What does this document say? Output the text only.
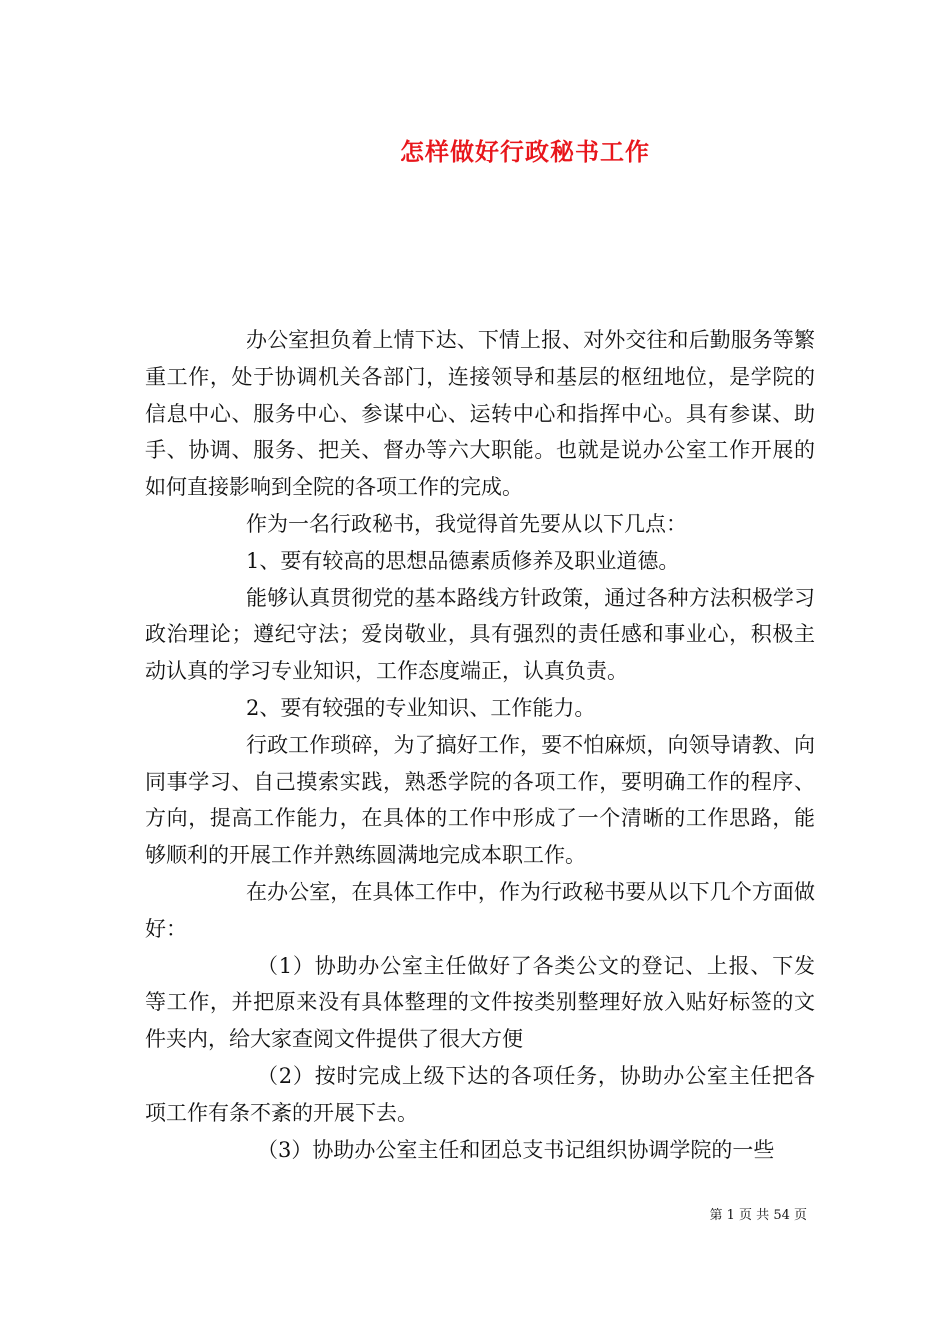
怎样做好行政秘书工作

办公室担负着上情下达、下情上报、对外交往和后勤服务等繁重工作，处于协调机关各部门，连接领导和基层的枢纽地位，是学院的信息中心、服务中心、参谋中心、运转中心和指挥中心。具有参谋、助手、协调、服务、把关、督办等六大职能。也就是说办公室工作开展的如何直接影响到全院的各项工作的完成。

作为一名行政秘书，我觉得首先要从以下几点：

1、要有较高的思想品德素质修养及职业道德。

能够认真贯彻党的基本路线方针政策，通过各种方法积极学习政治理论；遵纪守法；爱岗敬业，具有强烈的责任感和事业心，积极主动认真的学习专业知识，工作态度端正，认真负责。

2、要有较强的专业知识、工作能力。

行政工作琐碎，为了搞好工作，要不怕麻烦，向领导请教、向同事学习、自己摸索实践，熟悉学院的各项工作，要明确工作的程序、方向，提高工作能力，在具体的工作中形成了一个清晰的工作思路，能够顺利的开展工作并熟练圆满地完成本职工作。

在办公室，在具体工作中，作为行政秘书要从以下几个方面做好：

（1）协助办公室主任做好了各类公文的登记、上报、下发等工作，并把原来没有具体整理的文件按类别整理好放入贴好标签的文件夹内，给大家查阅文件提供了很大方便

（2）按时完成上级下达的各项任务，协助办公室主任把各项工作有条不紊的开展下去。

（3）协助办公室主任和团总支书记组织协调学院的一些

第 1 页 共 54 页
